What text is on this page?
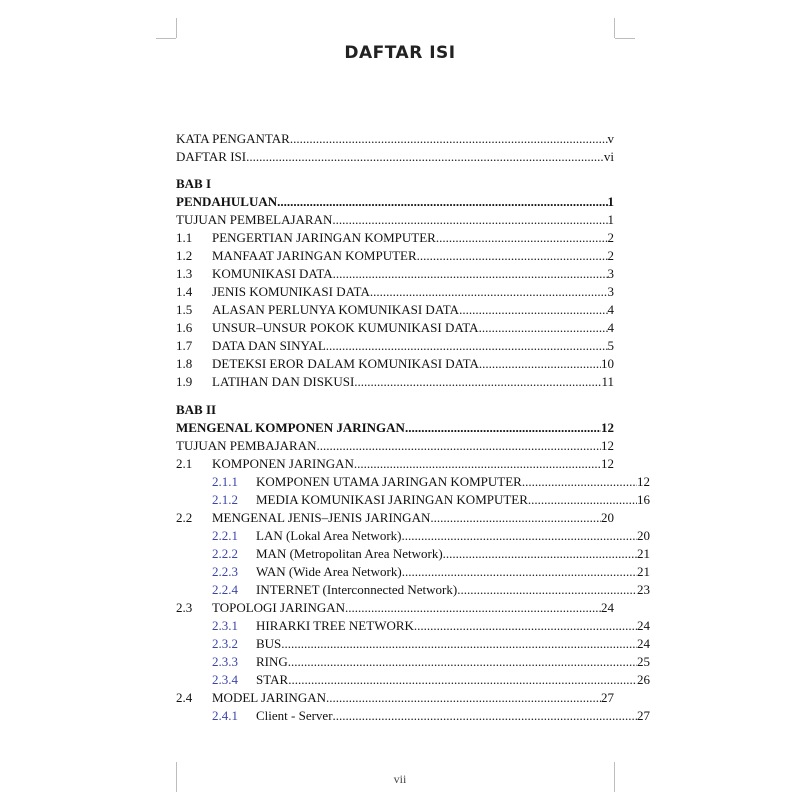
DAFTAR ISI
KATA PENGANTAR .....	v
DAFTAR ISI .....	vi
BAB I
PENDAHULUAN .....	1
TUJUAN PEMBELAJARAN .....	1
1.1	PENGERTIAN JARINGAN KOMPUTER .....	2
1.2	MANFAAT JARINGAN KOMPUTER .....	2
1.3	KOMUNIKASI DATA .....	3
1.4	JENIS KOMUNIKASI DATA .....	3
1.5	ALASAN PERLUNYA KOMUNIKASI DATA .....	4
1.6	UNSUR–UNSUR POKOK KUMUNIKASI DATA .....	4
1.7	DATA DAN SINYAL .....	5
1.8	DETEKSI EROR DALAM KOMUNIKASI DATA .....	10
1.9	LATIHAN DAN DISKUSI .....	11
BAB II
MENGENAL KOMPONEN JARINGAN .....	12
TUJUAN PEMBAJARAN .....	12
2.1	KOMPONEN JARINGAN .....	12
2.1.1	KOMPONEN UTAMA JARINGAN KOMPUTER .....	12
2.1.2	MEDIA KOMUNIKASI JARINGAN KOMPUTER .....	16
2.2	MENGENAL JENIS–JENIS JARINGAN .....	20
2.2.1	LAN (Lokal Area Network) .....	20
2.2.2	MAN (Metropolitan Area Network) .....	21
2.2.3	WAN (Wide Area Network) .....	21
2.2.4	INTERNET (Interconnected Network) .....	23
2.3	TOPOLOGI JARINGAN .....	24
2.3.1	HIRARKI TREE NETWORK .....	24
2.3.2	BUS .....	24
2.3.3	RING .....	25
2.3.4	STAR .....	26
2.4	MODEL JARINGAN .....	27
2.4.1	Client - Server .....	27
vii
